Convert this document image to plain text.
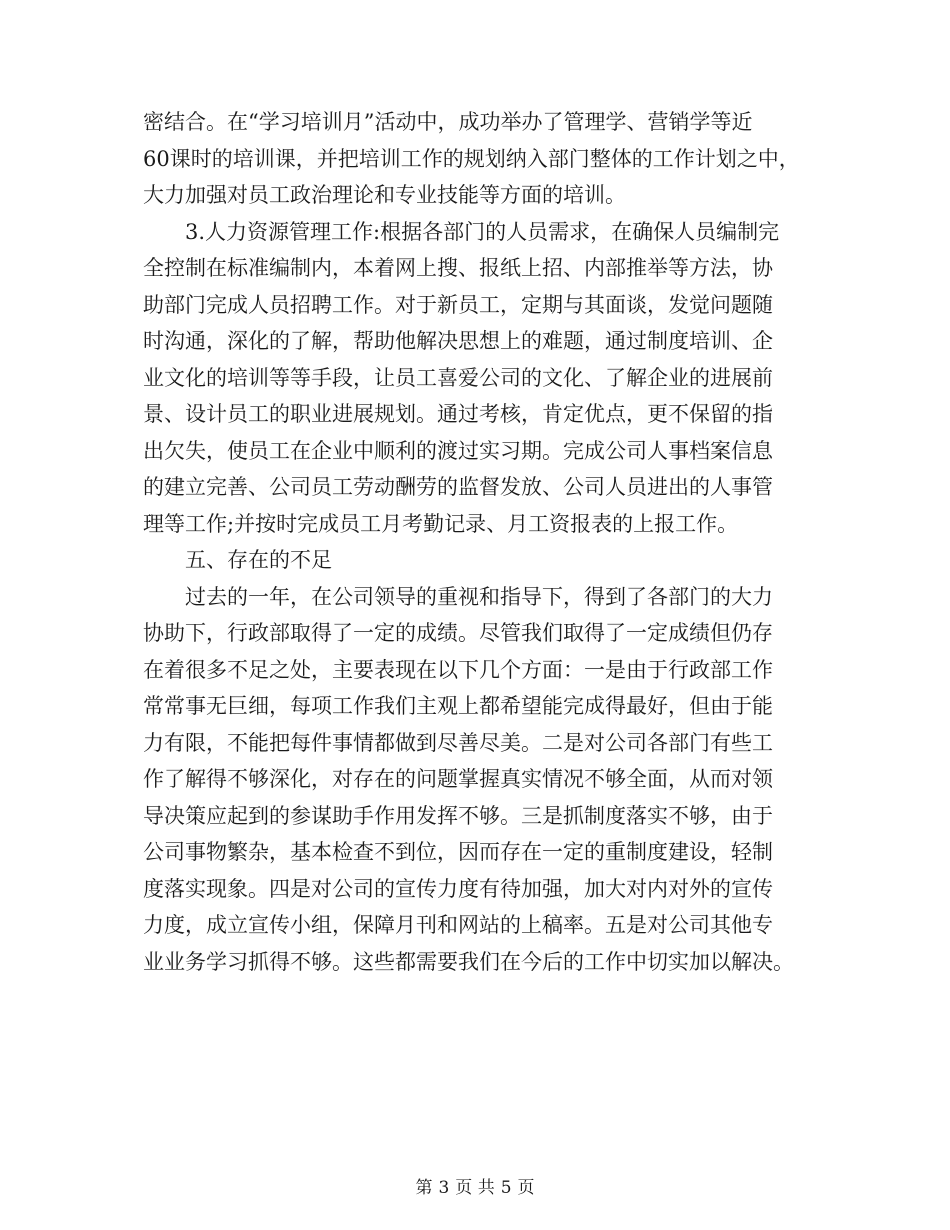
密结合。在“学习培训月”活动中，成功举办了管理学、营销学等近
60课时的培训课，并把培训工作的规划纳入部门整体的工作计划之中，
大力加强对员工政治理论和专业技能等方面的培训。
3.人力资源管理工作:根据各部门的人员需求，在确保人员编制完
全控制在标准编制内，本着网上搜、报纸上招、内部推举等方法，协
助部门完成人员招聘工作。对于新员工，定期与其面谈，发觉问题随
时沟通，深化的了解，帮助他解决思想上的难题，通过制度培训、企
业文化的培训等等手段，让员工喜爱公司的文化、了解企业的进展前
景、设计员工的职业进展规划。通过考核，肯定优点，更不保留的指
出欠失，使员工在企业中顺利的渡过实习期。完成公司人事档案信息
的建立完善、公司员工劳动酬劳的监督发放、公司人员进出的人事管
理等工作;并按时完成员工月考勤记录、月工资报表的上报工作。
五、存在的不足
过去的一年，在公司领导的重视和指导下，得到了各部门的大力
协助下，行政部取得了一定的成绩。尽管我们取得了一定成绩但仍存
在着很多不足之处，主要表现在以下几个方面：一是由于行政部工作
常常事无巨细，每项工作我们主观上都希望能完成得最好，但由于能
力有限，不能把每件事情都做到尽善尽美。二是对公司各部门有些工
作了解得不够深化，对存在的问题掌握真实情况不够全面，从而对领
导决策应起到的参谋助手作用发挥不够。三是抓制度落实不够，由于
公司事物繁杂，基本检查不到位，因而存在一定的重制度建设，轻制
度落实现象。四是对公司的宣传力度有待加强，加大对内对外的宣传
力度，成立宣传小组，保障月刊和网站的上稿率。五是对公司其他专
业业务学习抓得不够。这些都需要我们在今后的工作中切实加以解决。
第 3 页 共 5 页
